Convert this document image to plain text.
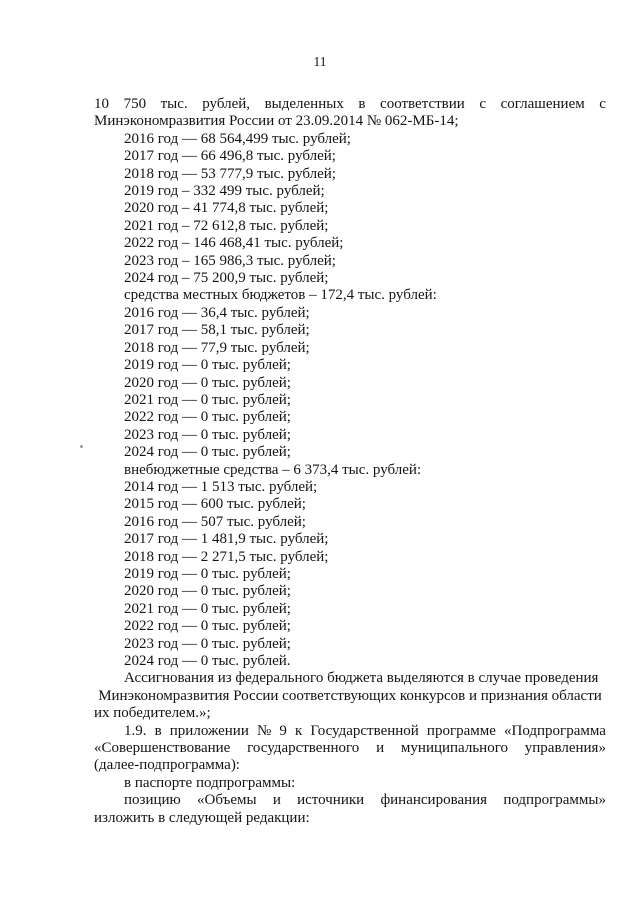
11
10 750 тыс. рублей, выделенных в соответствии с соглашением с
Минэкономразвития России от 23.09.2014 № 062-МБ-14;
2016 год — 68 564,499 тыс. рублей;
2017 год — 66 496,8 тыс. рублей;
2018 год — 53 777,9 тыс. рублей;
2019 год – 332 499 тыс. рублей;
2020 год – 41 774,8 тыс. рублей;
2021 год – 72 612,8 тыс. рублей;
2022 год – 146 468,41 тыс. рублей;
2023 год – 165 986,3 тыс. рублей;
2024 год – 75 200,9 тыс. рублей;
средства местных бюджетов – 172,4 тыс. рублей:
2016 год — 36,4 тыс. рублей;
2017 год — 58,1 тыс. рублей;
2018 год — 77,9 тыс. рублей;
2019 год — 0 тыс. рублей;
2020 год — 0 тыс. рублей;
2021 год — 0 тыс. рублей;
2022 год — 0 тыс. рублей;
2023 год — 0 тыс. рублей;
2024 год — 0 тыс. рублей;
внебюджетные средства – 6 373,4 тыс. рублей:
2014 год — 1 513 тыс. рублей;
2015 год — 600 тыс. рублей;
2016 год — 507 тыс. рублей;
2017 год — 1 481,9 тыс. рублей;
2018 год — 2 271,5 тыс. рублей;
2019 год — 0 тыс. рублей;
2020 год — 0 тыс. рублей;
2021 год — 0 тыс. рублей;
2022 год — 0 тыс. рублей;
2023 год — 0 тыс. рублей;
2024 год — 0 тыс. рублей.
Ассигнования из федерального бюджета выделяются в случае проведения
Минэкономразвития России соответствующих конкурсов и признания области
их победителем.»;
1.9. в приложении № 9 к Государственной программе «Подпрограмма
«Совершенствование государственного и муниципального управления»
(далее-подпрограмма):
в паспорте подпрограммы:
позицию «Объемы и источники финансирования подпрограммы»
изложить в следующей редакции:
